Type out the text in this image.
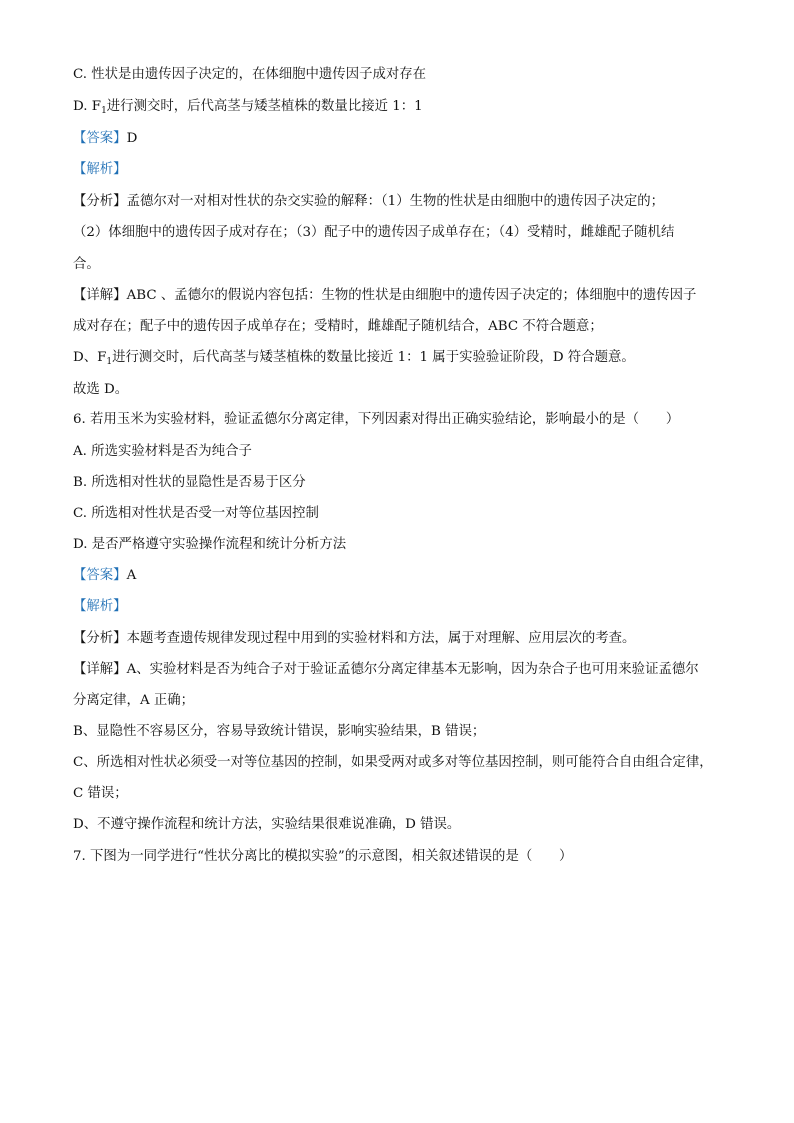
C. 性状是由遗传因子决定的，在体细胞中遗传因子成对存在
D. $F_1$进行测交时，后代高茎与矮茎植株的数量比接近 1：1
【答案】D
【解析】
【分析】孟德尔对一对相对性状的杂交实验的解释：（1）生物的性状是由细胞中的遗传因子决定的；
（2）体细胞中的遗传因子成对存在；（3）配子中的遗传因子成单存在；（4）受精时，雌雄配子随机结
合。
【详解】ABC 、孟德尔的假说内容包括：生物的性状是由细胞中的遗传因子决定的；体细胞中的遗传因子
成对存在；配子中的遗传因子成单存在；受精时，雌雄配子随机结合，ABC 不符合题意；
D、$F_1$进行测交时，后代高茎与矮茎植株的数量比接近 1：1 属于实验验证阶段，D 符合题意。
故选 D。
6. 若用玉米为实验材料，验证孟德尔分离定律，下列因素对得出正确实验结论，影响最小的是（　　）
A. 所选实验材料是否为纯合子
B. 所选相对性状的显隐性是否易于区分
C. 所选相对性状是否受一对等位基因控制
D. 是否严格遵守实验操作流程和统计分析方法
【答案】A
【解析】
【分析】本题考查遗传规律发现过程中用到的实验材料和方法，属于对理解、应用层次的考查。
【详解】A、实验材料是否为纯合子对于验证孟德尔分离定律基本无影响，因为杂合子也可用来验证孟德尔
分离定律，A 正确；
B、显隐性不容易区分，容易导致统计错误，影响实验结果，B 错误；
C、所选相对性状必须受一对等位基因的控制，如果受两对或多对等位基因控制，则可能符合自由组合定律，
C 错误；
D、不遵守操作流程和统计方法，实验结果很难说准确，D 错误。
7. 下图为一同学进行“性状分离比的模拟实验”的示意图，相关叙述错误的是（　　）
